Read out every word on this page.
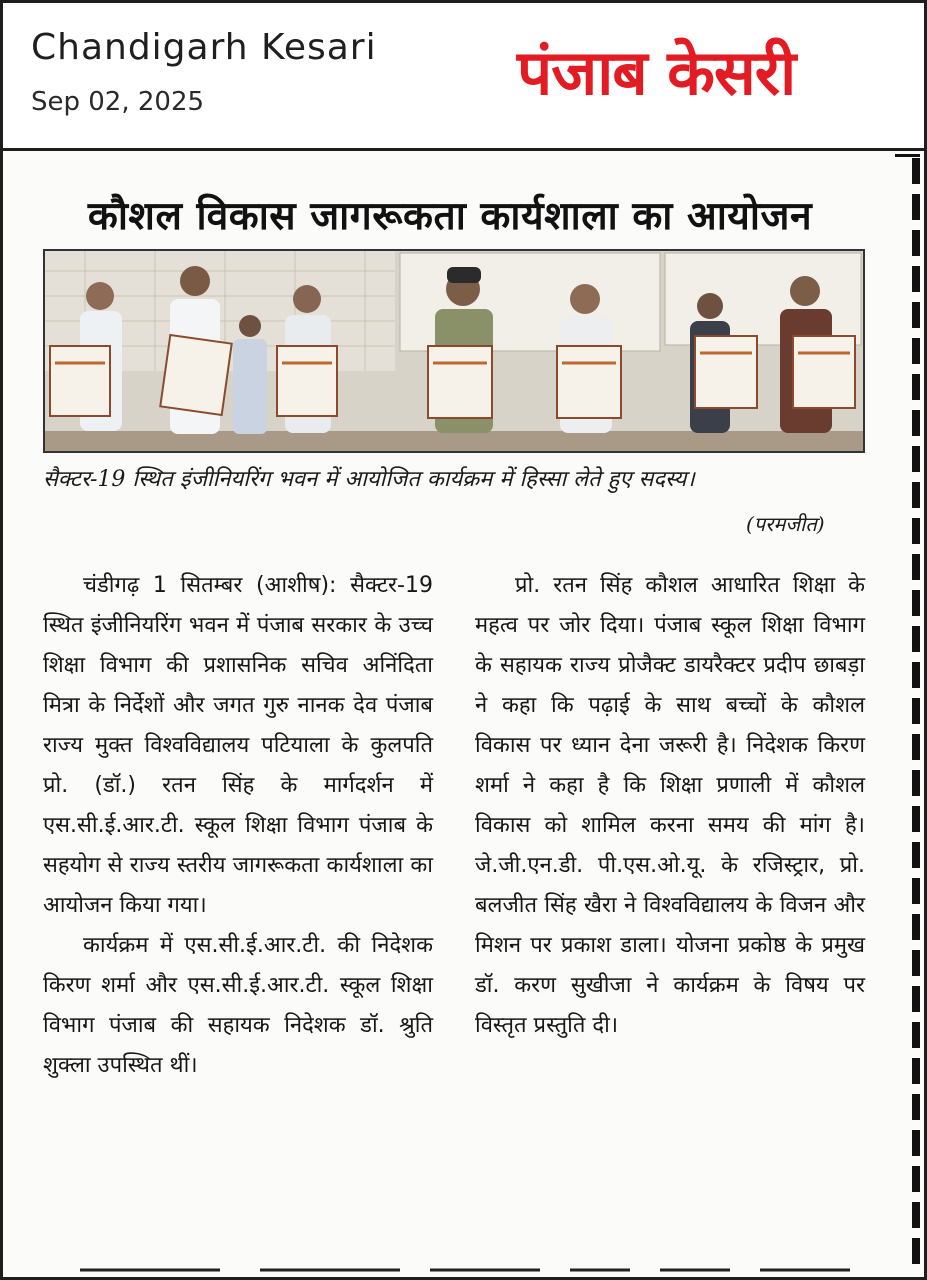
Chandigarh Kesari
Sep 02, 2025	पंजाब केसरी
कौशल विकास जागरूकता कार्यशाला का आयोजन
सैक्टर-19 स्थित इंजीनियरिंग भवन में आयोजित कार्यक्रम में हिस्सा लेते हुए सदस्य।
(परमजीत)

चंडीगढ़ 1 सितम्बर (आशीष): सैक्टर-19 स्थित इंजीनियरिंग भवन में पंजाब सरकार के उच्च शिक्षा विभाग की प्रशासनिक सचिव अनिंदिता मित्रा के निर्देशों और जगत गुरु नानक देव पंजाब राज्य मुक्त विश्वविद्यालय पटियाला के कुलपति प्रो. (डॉ.) रतन सिंह के मार्गदर्शन में एस.सी.ई.आर.टी. स्कूल शिक्षा विभाग पंजाब के सहयोग से राज्य स्तरीय जागरूकता कार्यशाला का आयोजन किया गया।

कार्यक्रम में एस.सी.ई.आर.टी. की निदेशक किरण शर्मा और एस.सी.ई.आर.टी. स्कूल शिक्षा विभाग पंजाब की सहायक निदेशक डॉ. श्रुति शुक्ला उपस्थित थीं।

प्रो. रतन सिंह कौशल आधारित शिक्षा के महत्व पर जोर दिया। पंजाब स्कूल शिक्षा विभाग के सहायक राज्य प्रोजैक्ट डायरैक्टर प्रदीप छाबड़ा ने कहा कि पढ़ाई के साथ बच्चों के कौशल विकास पर ध्यान देना जरूरी है। निदेशक किरण शर्मा ने कहा है कि शिक्षा प्रणाली में कौशल विकास को शामिल करना समय की मांग है। जे.जी.एन.डी. पी.एस.ओ.यू. के रजिस्ट्रार, प्रो. बलजीत सिंह खैरा ने विश्वविद्यालय के विजन और मिशन पर प्रकाश डाला। योजना प्रकोष्ठ के प्रमुख डॉ. करण सुखीजा ने कार्यक्रम के विषय पर विस्तृत प्रस्तुति दी।
